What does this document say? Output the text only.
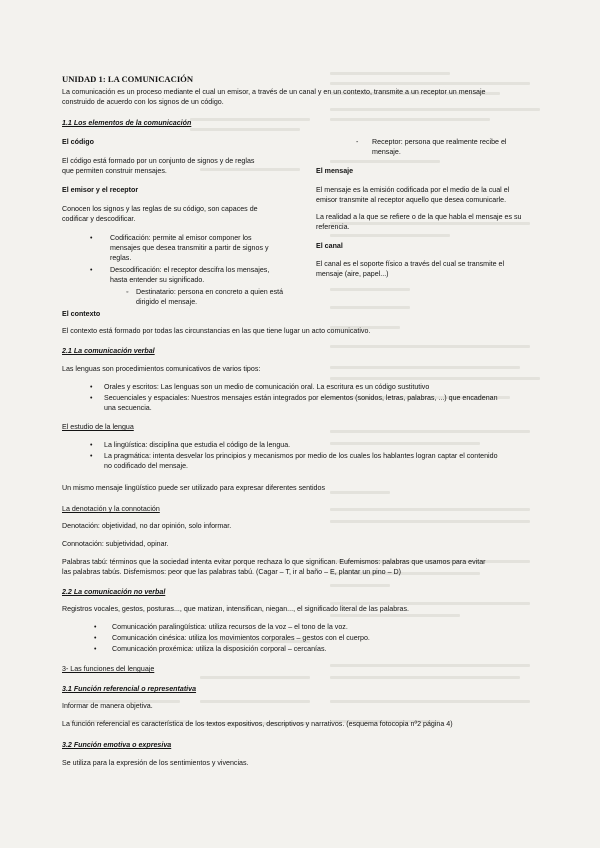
UNIDAD 1: LA COMUNICACIÓN
La comunicación es un proceso mediante el cual un emisor, a través de un canal y en un contexto, transmite a un receptor un mensaje
construido de acuerdo con los signos de un código.
1.1 Los elementos de la comunicación
El código
El código está formado por un conjunto de signos y de reglas
que permiten construir mensajes.
El emisor y el receptor
Conocen los signos y las reglas de su código, son capaces de
codificar y descodificar.
• Codificación: permite al emisor componer los
mensajes que desea transmitir a partir de signos y
reglas.
• Descodificación: el receptor descifra los mensajes,
hasta entender su significado.
◦ Destinatario: persona en concreto a quien está
dirigido el mensaje.
- Receptor: persona que realmente recibe el
mensaje.
El mensaje
El mensaje es la emisión codificada por el medio de la cual el
emisor transmite al receptor aquello que desea comunicarle.
La realidad a la que se refiere o de la que habla el mensaje es su
referencia.
El canal
El canal es el soporte físico a través del cual se transmite el
mensaje (aire, papel...)
El contexto
El contexto está formado por todas las circunstancias en las que tiene lugar un acto comunicativo.
2.1 La comunicación verbal
Las lenguas son procedimientos comunicativos de varios tipos:
• Orales y escritos: Las lenguas son un medio de comunicación oral. La escritura es un código sustitutivo
• Secuenciales y espaciales: Nuestros mensajes están integrados por elementos (sonidos, letras, palabras, ...) que encadenan
una secuencia.
El estudio de la lengua
• La lingüística: disciplina que estudia el código de la lengua.
• La pragmática: intenta desvelar los principios y mecanismos por medio de los cuales los hablantes logran captar el contenido
no codificado del mensaje.
Un mismo mensaje lingüístico puede ser utilizado para expresar diferentes sentidos
La denotación y la connotación
Denotación: objetividad, no dar opinión, solo informar.
Connotación: subjetividad, opinar.
Palabras tabú: términos que la sociedad intenta evitar porque rechaza lo que significan. Eufemismos: palabras que usamos para evitar
las palabras tabús. Disfemismos: peor que las palabras tabú. (Cagar – T, ir al baño – E, plantar un pino – D)
2.2 La comunicación no verbal
Registros vocales, gestos, posturas..., que matizan, intensifican, niegan..., el significado literal de las palabras.
• Comunicación paralingüística: utiliza recursos de la voz – el tono de la voz.
• Comunicación cinésica: utiliza los movimientos corporales – gestos con el cuerpo.
• Comunicación proxémica: utiliza la disposición corporal – cercanías.
3- Las funciones del lenguaje
3.1 Función referencial o representativa
Informar de manera objetiva.
La función referencial es característica de los textos expositivos, descriptivos y narrativos. (esquema fotocopia nº2 página 4)
3.2 Función emotiva o expresiva
Se utiliza para la expresión de los sentimientos y vivencias.
